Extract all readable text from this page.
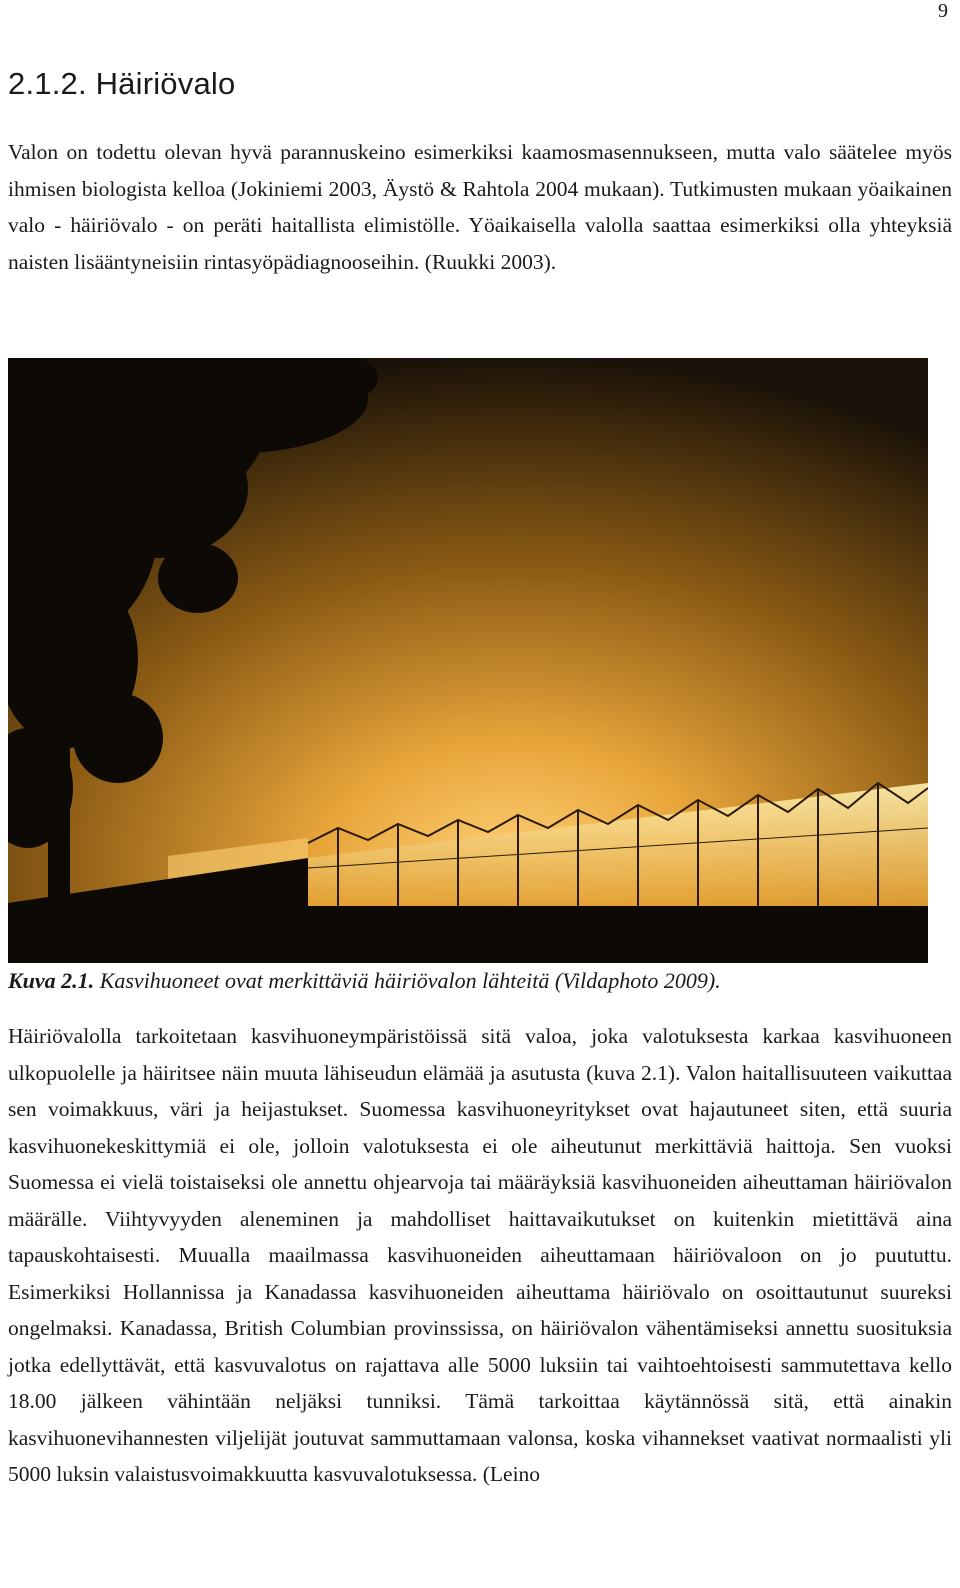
9
2.1.2. Häiriövalo

Valon on todettu olevan hyvä parannuskeino esimerkiksi kaamosmasennukseen, mutta valo säätelee myös ihmisen biologista kelloa (Jokiniemi 2003, Äystö & Rahtola 2004 mukaan). Tutkimusten mukaan yöaikainen valo - häiriövalo - on peräti haitallista elimistölle. Yöaikaisella valolla saattaa esimerkiksi olla yhteyksiä naisten lisääntyneisiin rintasyöpädiagnooseihin. (Ruukki 2003).

Kuva 2.1. Kasvihuoneet ovat merkittäviä häiriövalon lähteitä (Vildaphoto 2009).

Häiriövalolla tarkoitetaan kasvihuoneympäristöissä sitä valoa, joka valotuksesta karkaa kasvihuoneen ulkopuolelle ja häiritsee näin muuta lähiseudun elämää ja asutusta (kuva 2.1). Valon haitallisuuteen vaikuttaa sen voimakkuus, väri ja heijastukset. Suomessa kasvihuoneyritykset ovat hajautuneet siten, että suuria kasvihuonekeskittymiä ei ole, jolloin valotuksesta ei ole aiheutunut merkittäviä haittoja. Sen vuoksi Suomessa ei vielä toistaiseksi ole annettu ohjearvoja tai määräyksiä kasvihuoneiden aiheuttaman häiriövalon määrälle. Viihtyvyyden aleneminen ja mahdolliset haittavaikutukset on kuitenkin mietittävä aina tapauskohtaisesti. Muualla maailmassa kasvihuoneiden aiheuttamaan häiriövaloon on jo puututtu. Esimerkiksi Hollannissa ja Kanadassa kasvihuoneiden aiheuttama häiriövalo on osoittautunut suureksi ongelmaksi. Kanadassa, British Columbian provinssissa, on häiriövalon vähentämiseksi annettu suosituksia jotka edellyttävät, että kasvuvalotus on rajattava alle 5000 luksiin tai vaihtoehtoisesti sammutettava kello 18.00 jälkeen vähintään neljäksi tunniksi. Tämä tarkoittaa käytännössä sitä, että ainakin kasvihuonevihannesten viljelijät joutuvat sammuttamaan valonsa, koska vihannekset vaativat normaalisti yli 5000 luksin valaistusvoimakkuutta kasvuvalotuksessa. (Leino
